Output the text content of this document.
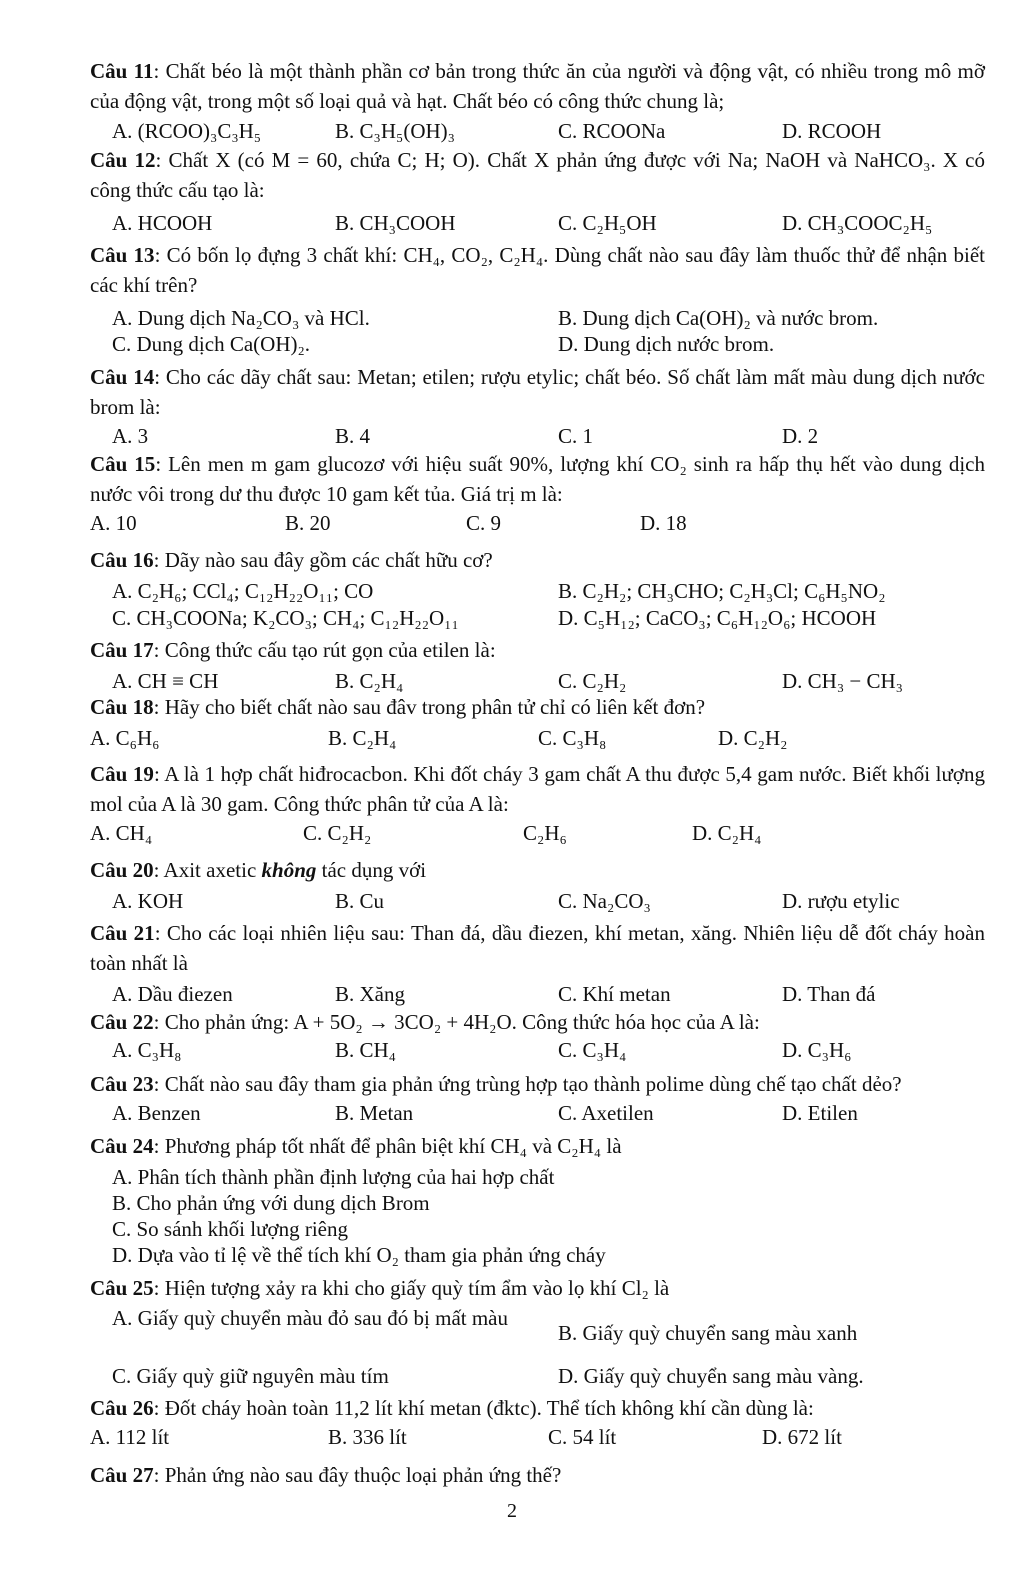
Câu 11: Chất béo là một thành phần cơ bản trong thức ăn của người và động vật, có nhiều trong mô mỡ của động vật, trong một số loại quả và hạt. Chất béo có công thức chung là;

A. (RCOO)₃C₃H₅	B. C₃H₅(OH)₃	C. RCOONa	D. RCOOH

Câu 12: Chất X (có M = 60, chứa C; H; O). Chất X phản ứng được với Na; NaOH và NaHCO₃. X có công thức cấu tạo là:

A. HCOOH	B. CH₃COOH	C. C₂H₅OH	D. CH₃COOC₂H₅

Câu 13: Có bốn lọ đựng 3 chất khí: CH₄, CO₂, C₂H₄. Dùng chất nào sau đây làm thuốc thử để nhận biết các khí trên?

A. Dung dịch Na₂CO₃ và HCl.	B. Dung dịch Ca(OH)₂ và nước brom.
C. Dung dịch Ca(OH)₂.	D. Dung dịch nước brom.

Câu 14: Cho các dãy chất sau: Metan; etilen; rượu etylic; chất béo. Số chất làm mất màu dung dịch nước brom là:

A. 3	B. 4	C. 1	D. 2

Câu 15: Lên men m gam glucozơ với hiệu suất 90%, lượng khí CO₂ sinh ra hấp thụ hết vào dung dịch nước vôi trong dư thu được 10 gam kết tủa. Giá trị m là:

A. 10	B. 20	C. 9	D. 18

Câu 16: Dãy nào sau đây gồm các chất hữu cơ?

A. C₂H₆; CCl₄; C₁₂H₂₂O₁₁; CO	B. C₂H₂; CH₃CHO; C₂H₃Cl; C₆H₅NO₂
C. CH₃COONa; K₂CO₃; CH₄; C₁₂H₂₂O₁₁	D. C₅H₁₂; CaCO₃; C₆H₁₂O₆; HCOOH

Câu 17: Công thức cấu tạo rút gọn của etilen là:

A. CH ≡ CH	B. C₂H₄	C. C₂H₂	D. CH₃ − CH₃

Câu 18: Hãy cho biết chất nào sau đâv trong phân tử chỉ có liên kết đơn?

A. C₆H₆	B. C₂H₄	C. C₃H₈	D. C₂H₂

Câu 19: A là 1 hợp chất hiđrocacbon. Khi đốt cháy 3 gam chất A thu được 5,4 gam nước. Biết khối lượng mol của A là 30 gam. Công thức phân tử của A là:

A. CH₄	C. C₂H₂	C₂H₆	D. C₂H₄

Câu 20: Axit axetic không tác dụng với

A. KOH	B. Cu	C. Na₂CO₃	D. rượu etylic

Câu 21: Cho các loại nhiên liệu sau: Than đá, dầu điezen, khí metan, xăng. Nhiên liệu dễ đốt cháy hoàn toàn nhất là

A. Dầu điezen	B. Xăng	C. Khí metan	D. Than đá

Câu 22: Cho phản ứng: A + 5O₂ → 3CO₂ + 4H₂O. Công thức hóa học của A là:

A. C₃H₈	B. CH₄	C. C₃H₄	D. C₃H₆

Câu 23: Chất nào sau đây tham gia phản ứng trùng hợp tạo thành polime dùng chế tạo chất dẻo?

A. Benzen	B. Metan	C. Axetilen	D. Etilen

Câu 24: Phương pháp tốt nhất để phân biệt khí CH₄ và C₂H₄ là

A. Phân tích thành phần định lượng của hai hợp chất
B. Cho phản ứng với dung dịch Brom
C. So sánh khối lượng riêng
D. Dựa vào tỉ lệ về thể tích khí O₂ tham gia phản ứng cháy

Câu 25: Hiện tượng xảy ra khi cho giấy quỳ tím ẩm vào lọ khí Cl₂ là

A. Giấy quỳ chuyển màu đỏ sau đó bị mất màu
B. Giấy quỳ chuyển sang màu xanh
C. Giấy quỳ giữ nguyên màu tím	D. Giấy quỳ chuyển sang màu vàng.

Câu 26: Đốt cháy hoàn toàn 11,2 lít khí metan (đktc). Thể tích không khí cần dùng là:

A. 112 lít	B. 336 lít	C. 54 lít	D. 672 lít

Câu 27: Phản ứng nào sau đây thuộc loại phản ứng thế?

2
